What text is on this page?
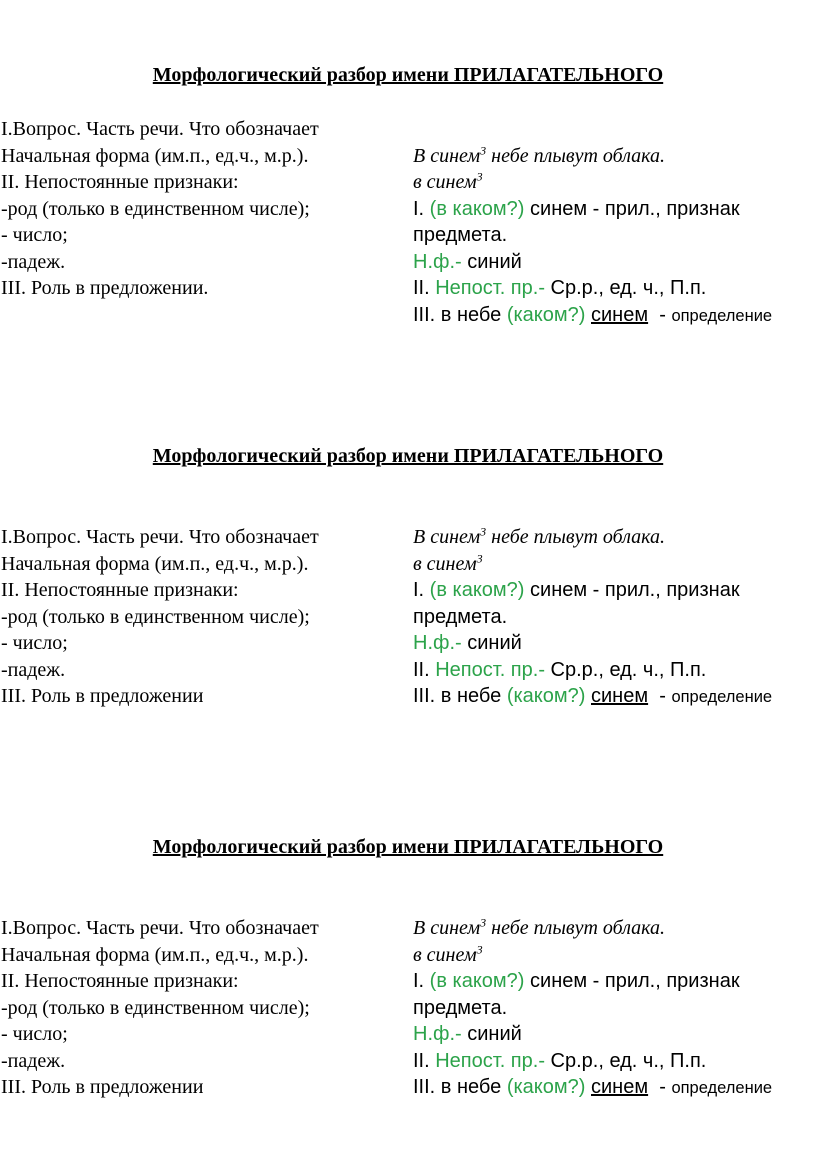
Морфологический разбор имени ПРИЛАГАТЕЛЬНОГО
I.Вопрос. Часть речи. Что обозначает
Начальная форма (им.п., ед.ч., м.р.).
II. Непостоянные признаки:
-род (только в единственном числе);
- число;
-падеж.
III. Роль в предложении.
В синем$^3$ небе плывут облака.
в синем$^3$
I. (в каком?) синем - прил., признак
предмета.
Н.ф.- синий
II. Непост. пр.- Ср.р., ед. ч., П.п.
III. в небе (каком?) синем  - определение
Морфологический разбор имени ПРИЛАГАТЕЛЬНОГО
I.Вопрос. Часть речи. Что обозначает
Начальная форма (им.п., ед.ч., м.р.).
II. Непостоянные признаки:
-род (только в единственном числе);
- число;
-падеж.
III. Роль в предложении
В синем$^3$ небе плывут облака.
в синем$^3$
I. (в каком?) синем - прил., признак
предмета.
Н.ф.- синий
II. Непост. пр.- Ср.р., ед. ч., П.п.
III. в небе (каком?) синем  - определение
Морфологический разбор имени ПРИЛАГАТЕЛЬНОГО
I.Вопрос. Часть речи. Что обозначает
Начальная форма (им.п., ед.ч., м.р.).
II. Непостоянные признаки:
-род (только в единственном числе);
- число;
-падеж.
III. Роль в предложении
В синем$^3$ небе плывут облака.
в синем$^3$
I. (в каком?) синем - прил., признак
предмета.
Н.ф.- синий
II. Непост. пр.- Ср.р., ед. ч., П.п.
III. в небе (каком?) синем  - определение
